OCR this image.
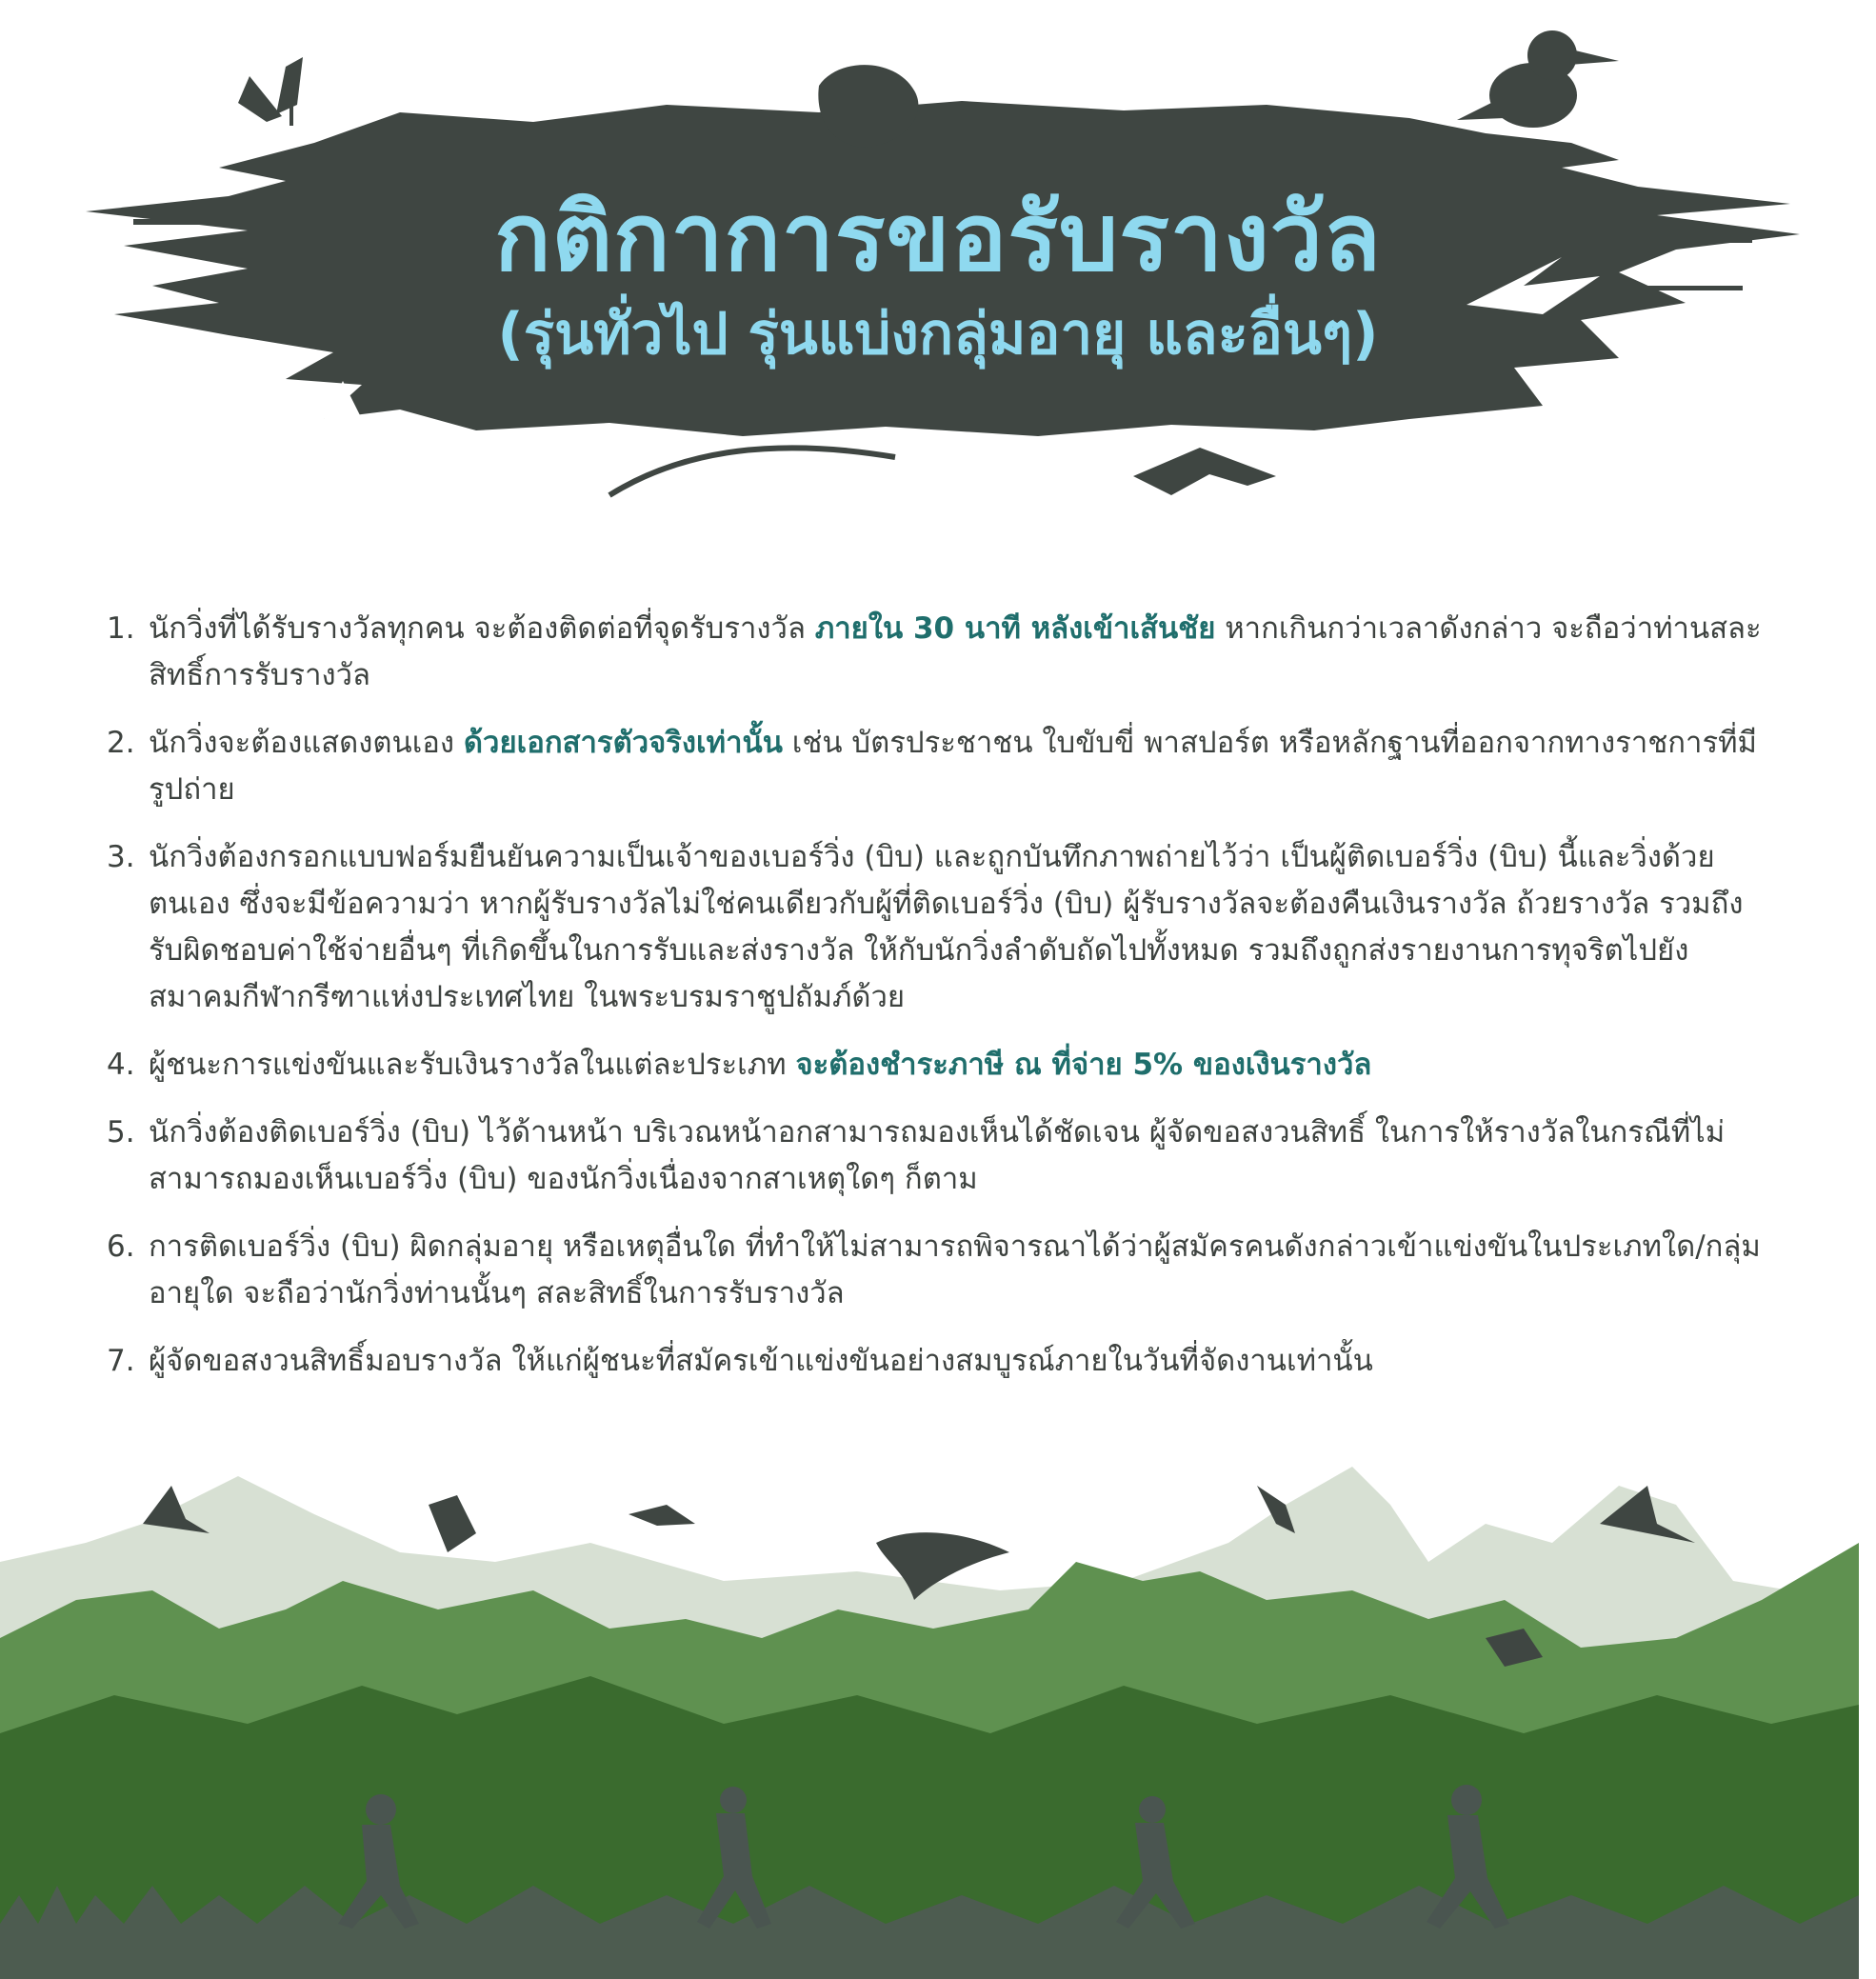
กติกาการขอรับรางวัล
(รุ่นทั่วไป รุ่นแบ่งกลุ่มอายุ และอื่นๆ)
1. นักวิ่งที่ได้รับรางวัลทุกคน จะต้องติดต่อที่จุดรับรางวัล ภายใน 30 นาที หลังเข้าเส้นชัย หากเกินกว่าเวลาดังกล่าว จะถือว่าท่านสละสิทธิ์การรับรางวัล
2. นักวิ่งจะต้องแสดงตนเอง ด้วยเอกสารตัวจริงเท่านั้น เช่น บัตรประชาชน ใบขับขี่ พาสปอร์ต หรือหลักฐานที่ออกจากทางราชการที่มีรูปถ่าย
3. นักวิ่งต้องกรอกแบบฟอร์มยืนยันความเป็นเจ้าของเบอร์วิ่ง (บิบ) และถูกบันทึกภาพถ่ายไว้ว่า เป็นผู้ติดเบอร์วิ่ง (บิบ) นี้และวิ่งด้วยตนเอง ซึ่งจะมีข้อความว่า หากผู้รับรางวัลไม่ใช่คนเดียวกับผู้ที่ติดเบอร์วิ่ง (บิบ) ผู้รับรางวัลจะต้องคืนเงินรางวัล ถ้วยรางวัล รวมถึงรับผิดชอบค่าใช้จ่ายอื่นๆ ที่เกิดขึ้นในการรับและส่งรางวัล ให้กับนักวิ่งลำดับถัดไปทั้งหมด รวมถึงถูกส่งรายงานการทุจริตไปยังสมาคมกีฬากรีฑาแห่งประเทศไทย ในพระบรมราชูปถัมภ์ด้วย
4. ผู้ชนะการแข่งขันและรับเงินรางวัลในแต่ละประเภท จะต้องชำระภาษี ณ ที่จ่าย 5% ของเงินรางวัล
5. นักวิ่งต้องติดเบอร์วิ่ง (บิบ) ไว้ด้านหน้า บริเวณหน้าอกสามารถมองเห็นได้ชัดเจน ผู้จัดขอสงวนสิทธิ์ ในการให้รางวัลในกรณีที่ไม่สามารถมองเห็นเบอร์วิ่ง (บิบ) ของนักวิ่งเนื่องจากสาเหตุใดๆ ก็ตาม
6. การติดเบอร์วิ่ง (บิบ) ผิดกลุ่มอายุ หรือเหตุอื่นใด ที่ทำให้ไม่สามารถพิจารณาได้ว่าผู้สมัครคนดังกล่าวเข้าแข่งขันในประเภทใด/กลุ่มอายุใด จะถือว่านักวิ่งท่านนั้นๆ สละสิทธิ์ในการรับรางวัล
7. ผู้จัดขอสงวนสิทธิ์มอบรางวัล ให้แก่ผู้ชนะที่สมัครเข้าแข่งขันอย่างสมบูรณ์ภายในวันที่จัดงานเท่านั้น
